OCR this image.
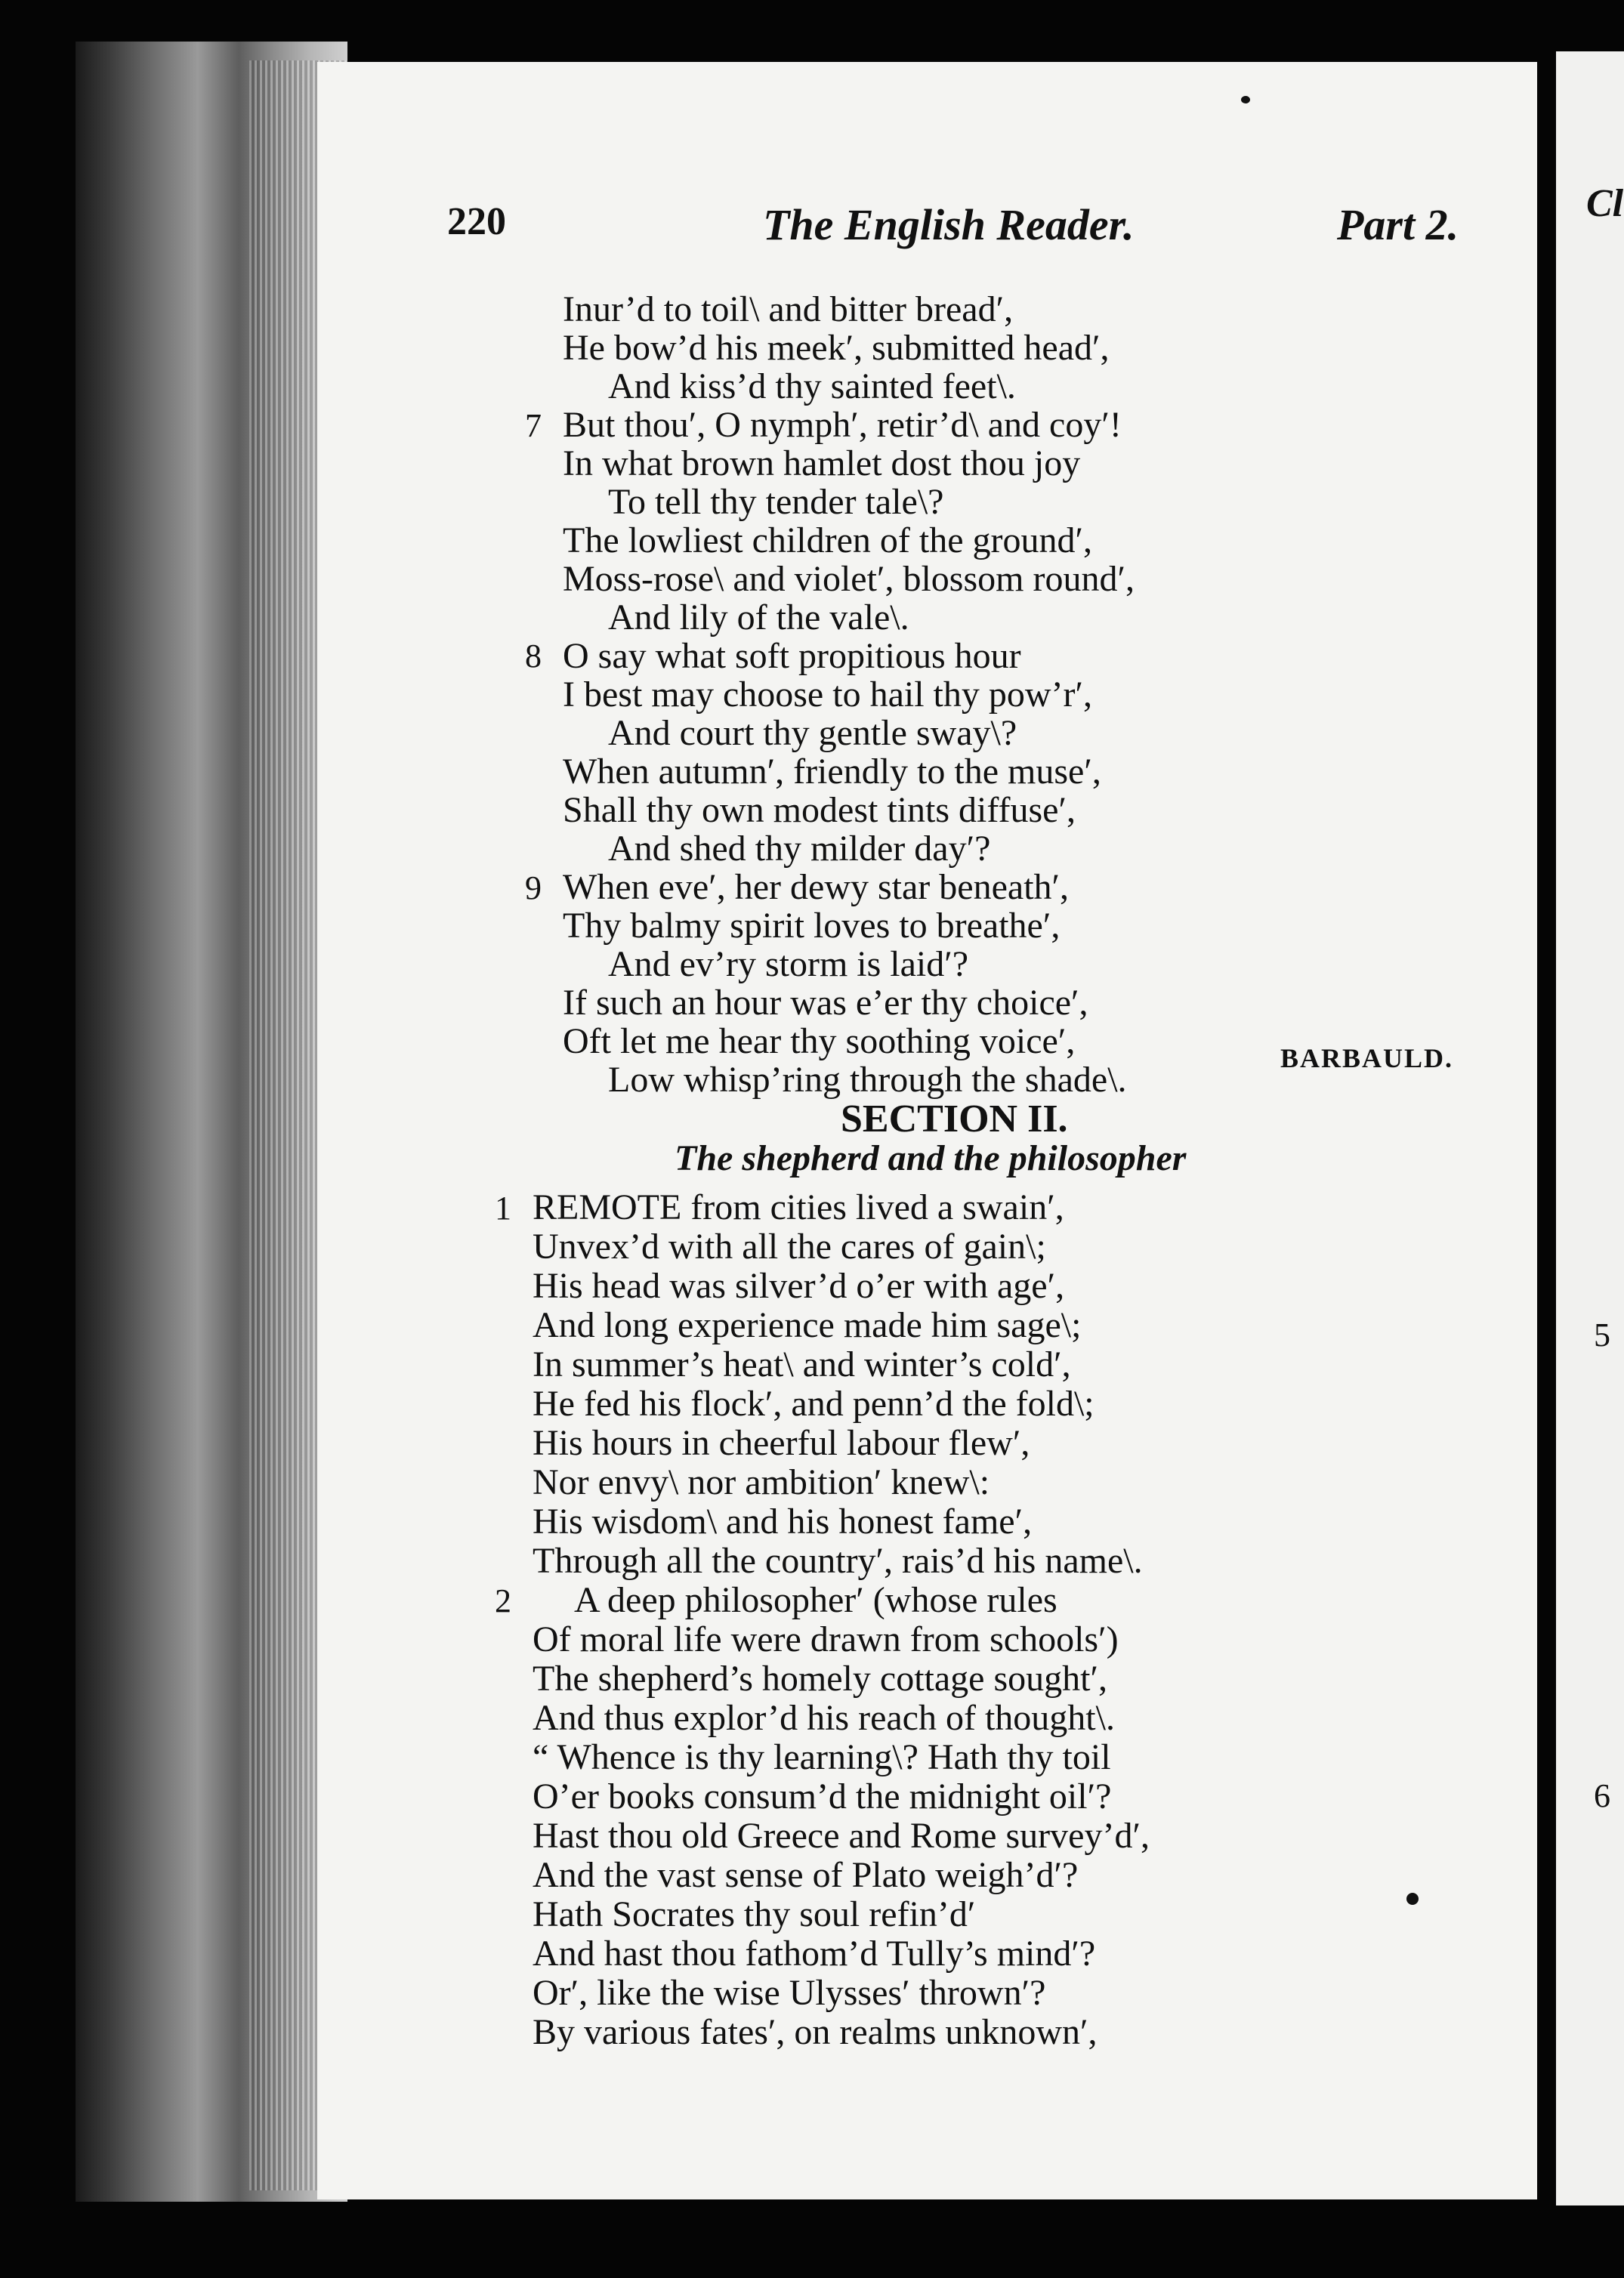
220	The English Reader.	Part 2.	Cl
5
6
Inur’d to toil\ and bitter bread′,
He bow’d his meek′, submitted head′,
And kiss’d thy sainted feet\.
7 But thou′, O nymph′, retir’d\ and coy′!
In what brown hamlet dost thou joy
To tell thy tender tale\?
The lowliest children of the ground′,
Moss-rose\ and violet′, blossom round′,
And lily of the vale\.
8 O say what soft propitious hour
I best may choose to hail thy pow’r′,
And court thy gentle sway\?
When autumn′, friendly to the muse′,
Shall thy own modest tints diffuse′,
And shed thy milder day′?
9 When eve′, her dewy star beneath′,
Thy balmy spirit loves to breathe′,
And ev’ry storm is laid′?
If such an hour was e’er thy choice′,
Oft let me hear thy soothing voice′,
Low whisp’ring through the shade\.
BARBAULD.
SECTION II.
The shepherd and the philosopher
1 REMOTE from cities lived a swain′,
Unvex’d with all the cares of gain\;
His head was silver’d o’er with age′,
And long experience made him sage\;
In summer’s heat\ and winter’s cold′,
He fed his flock′, and penn’d the fold\;
His hours in cheerful labour flew′,
Nor envy\ nor ambition′ knew\:
His wisdom\ and his honest fame′,
Through all the country′, rais’d his name\.
2 A deep philosopher′ (whose rules
Of moral life were drawn from schools′)
The shepherd’s homely cottage sought′,
And thus explor’d his reach of thought\.
“ Whence is thy learning\? Hath thy toil
O’er books consum’d the midnight oil′?
Hast thou old Greece and Rome survey’d′,
And the vast sense of Plato weigh’d′?
Hath Socrates thy soul refin’d′
And hast thou fathom’d Tully’s mind′?
Or′, like the wise Ulysses′ thrown′?
By various fates′, on realms unknown′,
